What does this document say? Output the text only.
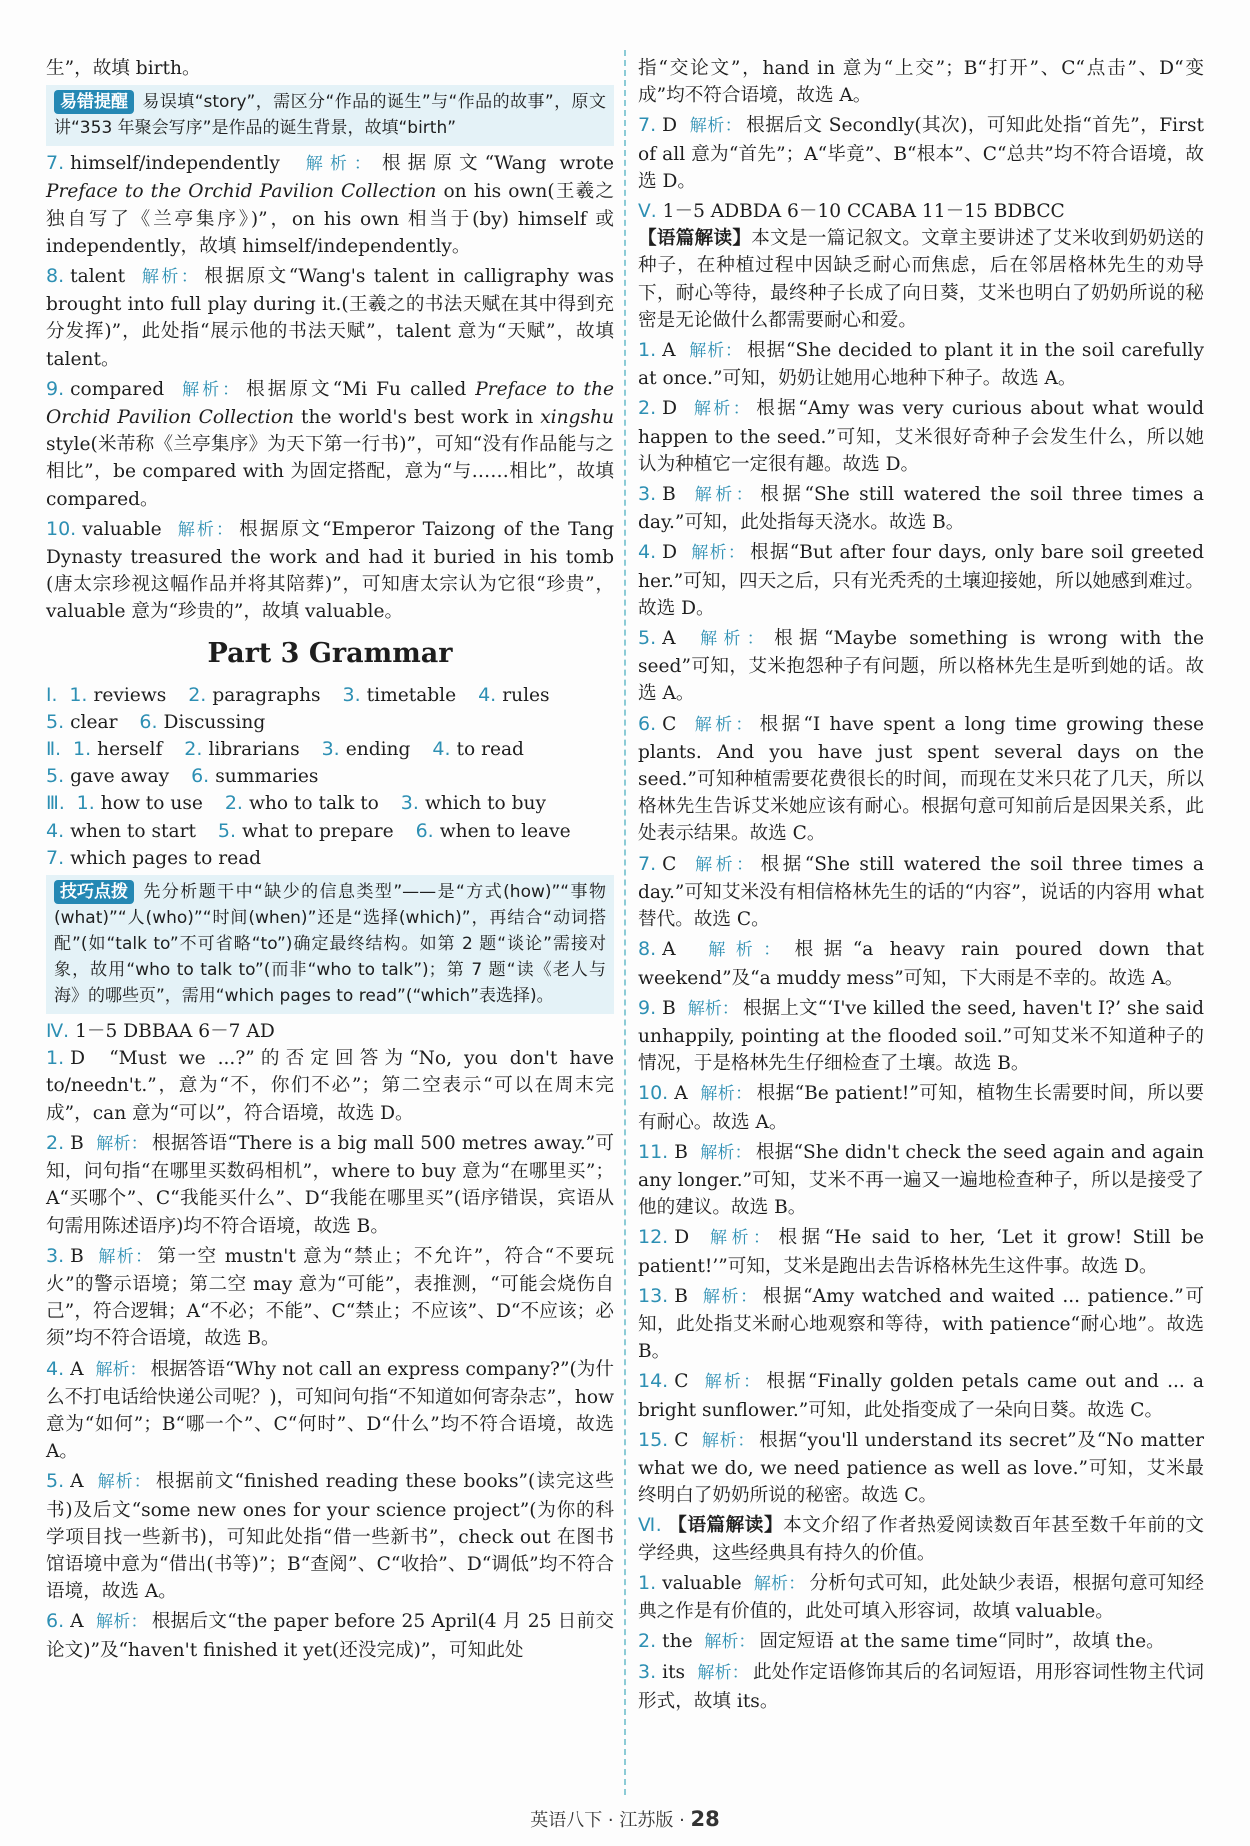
生”，故填 birth。
易错提醒 易误填“story”，需区分“作品的诞生”与“作品的故事”，原文讲“353 年聚会写序”是作品的诞生背景，故填“birth”
7. himself/independently 解析： 根据原文“Wang wrote Preface to the Orchid Pavilion Collection on his own(王羲之独自写了《兰亭集序》)”，on his own 相当于(by) himself 或 independently，故填 himself/independently。
8. talent 解析： 根据原文“Wang's talent in calligraphy was brought into full play during it.(王羲之的书法天赋在其中得到充分发挥)”，此处指“展示他的书法天赋”，talent 意为“天赋”，故填 talent。
9. compared 解析： 根据原文“Mi Fu called Preface to the Orchid Pavilion Collection the world's best work in xingshu style(米芾称《兰亭集序》为天下第一行书)”，可知“没有作品能与之相比”，be compared with 为固定搭配，意为“与……相比”，故填 compared。
10. valuable 解析： 根据原文“Emperor Taizong of the Tang Dynasty treasured the work and had it buried in his tomb (唐太宗珍视这幅作品并将其陪葬)”，可知唐太宗认为它很“珍贵”，valuable 意为“珍贵的”，故填 valuable。
Part 3 Grammar
Ⅰ. 1. reviews 2. paragraphs 3. timetable 4. rules
5. clear 6. Discussing
Ⅱ. 1. herself 2. librarians 3. ending 4. to read
5. gave away 6. summaries
Ⅲ. 1. how to use 2. who to talk to 3. which to buy
4. when to start 5. what to prepare 6. when to leave
7. which pages to read
技巧点拨 先分析题干中“缺少的信息类型”——是“方式(how)”“事物(what)”“人(who)”“时间(when)”还是“选择(which)”，再结合“动词搭配”(如“talk to”不可省略“to”)确定最终结构。如第 2 题“谈论”需接对象，故用“who to talk to”(而非“who to talk”)；第 7 题“读《老人与海》的哪些页”，需用“which pages to read”(“which”表选择)。
Ⅳ. 1－5 DBBAA 6－7 AD
1. D “Must we ...?”的否定回答为“No, you don't have to/needn't.”，意为“不，你们不必”；第二空表示“可以在周末完成”，can 意为“可以”，符合语境，故选 D。
2. B 解析： 根据答语“There is a big mall 500 metres away.”可知，问句指“在哪里买数码相机”，where to buy 意为“在哪里买”；A“买哪个”、C“我能买什么”、D“我能在哪里买”(语序错误，宾语从句需用陈述语序)均不符合语境，故选 B。
3. B 解析： 第一空 mustn't 意为“禁止；不允许”，符合“不要玩火”的警示语境；第二空 may 意为“可能”，表推测，“可能会烧伤自己”，符合逻辑；A“不必；不能”、C“禁止；不应该”、D“不应该；必须”均不符合语境，故选 B。
4. A 解析： 根据答语“Why not call an express company?”(为什么不打电话给快递公司呢？)，可知问句指“不知道如何寄杂志”，how 意为“如何”；B“哪一个”、C“何时”、D“什么”均不符合语境，故选 A。
5. A 解析： 根据前文“finished reading these books”(读完这些书)及后文“some new ones for your science project”(为你的科学项目找一些新书)，可知此处指“借一些新书”，check out 在图书馆语境中意为“借出(书等)”；B“查阅”、C“收拾”、D“调低”均不符合语境，故选 A。
6. A 解析： 根据后文“the paper before 25 April(4 月 25 日前交论文)”及“haven't finished it yet(还没完成)”，可知此处
指“交论文”，hand in 意为“上交”；B“打开”、C“点击”、D“变成”均不符合语境，故选 A。
7. D 解析： 根据后文 Secondly(其次)，可知此处指“首先”，First of all 意为“首先”；A“毕竟”、B“根本”、C“总共”均不符合语境，故选 D。
Ⅴ. 1－5 ADBDA 6－10 CCABA 11－15 BDBCC
【语篇解读】本文是一篇记叙文。文章主要讲述了艾米收到奶奶送的种子，在种植过程中因缺乏耐心而焦虑，后在邻居格林先生的劝导下，耐心等待，最终种子长成了向日葵，艾米也明白了奶奶所说的秘密是无论做什么都需要耐心和爱。
1. A 解析： 根据“She decided to plant it in the soil carefully at once.”可知，奶奶让她用心地种下种子。故选 A。
2. D 解析： 根据“Amy was very curious about what would happen to the seed.”可知，艾米很好奇种子会发生什么，所以她认为种植它一定很有趣。故选 D。
3. B 解析： 根据“She still watered the soil three times a day.”可知，此处指每天浇水。故选 B。
4. D 解析： 根据“But after four days, only bare soil greeted her.”可知，四天之后，只有光秃秃的土壤迎接她，所以她感到难过。故选 D。
5. A 解析： 根据“Maybe something is wrong with the seed”可知，艾米抱怨种子有问题，所以格林先生是听到她的话。故选 A。
6. C 解析： 根据“I have spent a long time growing these plants. And you have just spent several days on the seed.”可知种植需要花费很长的时间，而现在艾米只花了几天，所以格林先生告诉艾米她应该有耐心。根据句意可知前后是因果关系，此处表示结果。故选 C。
7. C 解析： 根据“She still watered the soil three times a day.”可知艾米没有相信格林先生的话的“内容”，说话的内容用 what 替代。故选 C。
8. A 解析： 根据“a heavy rain poured down that weekend”及“a muddy mess”可知，下大雨是不幸的。故选 A。
9. B 解析： 根据上文“‘I've killed the seed, haven't I?’ she said unhappily, pointing at the flooded soil.”可知艾米不知道种子的情况，于是格林先生仔细检查了土壤。故选 B。
10. A 解析： 根据“Be patient!”可知，植物生长需要时间，所以要有耐心。故选 A。
11. B 解析： 根据“She didn't check the seed again and again any longer.”可知，艾米不再一遍又一遍地检查种子，所以是接受了他的建议。故选 B。
12. D 解析： 根据“He said to her, ‘Let it grow! Still be patient!’”可知，艾米是跑出去告诉格林先生这件事。故选 D。
13. B 解析： 根据“Amy watched and waited ... patience.”可知，此处指艾米耐心地观察和等待，with patience“耐心地”。故选 B。
14. C 解析： 根据“Finally golden petals came out and ... a bright sunflower.”可知，此处指变成了一朵向日葵。故选 C。
15. C 解析： 根据“you'll understand its secret”及“No matter what we do, we need patience as well as love.”可知，艾米最终明白了奶奶所说的秘密。故选 C。
Ⅵ. 【语篇解读】本文介绍了作者热爱阅读数百年甚至数千年前的文学经典，这些经典具有持久的价值。
1. valuable 解析： 分析句式可知，此处缺少表语，根据句意可知经典之作是有价值的，此处可填入形容词，故填 valuable。
2. the 解析： 固定短语 at the same time“同时”，故填 the。
3. its 解析： 此处作定语修饰其后的名词短语，用形容词性物主代词形式，故填 its。
英语八下 · 江苏版 · 28
